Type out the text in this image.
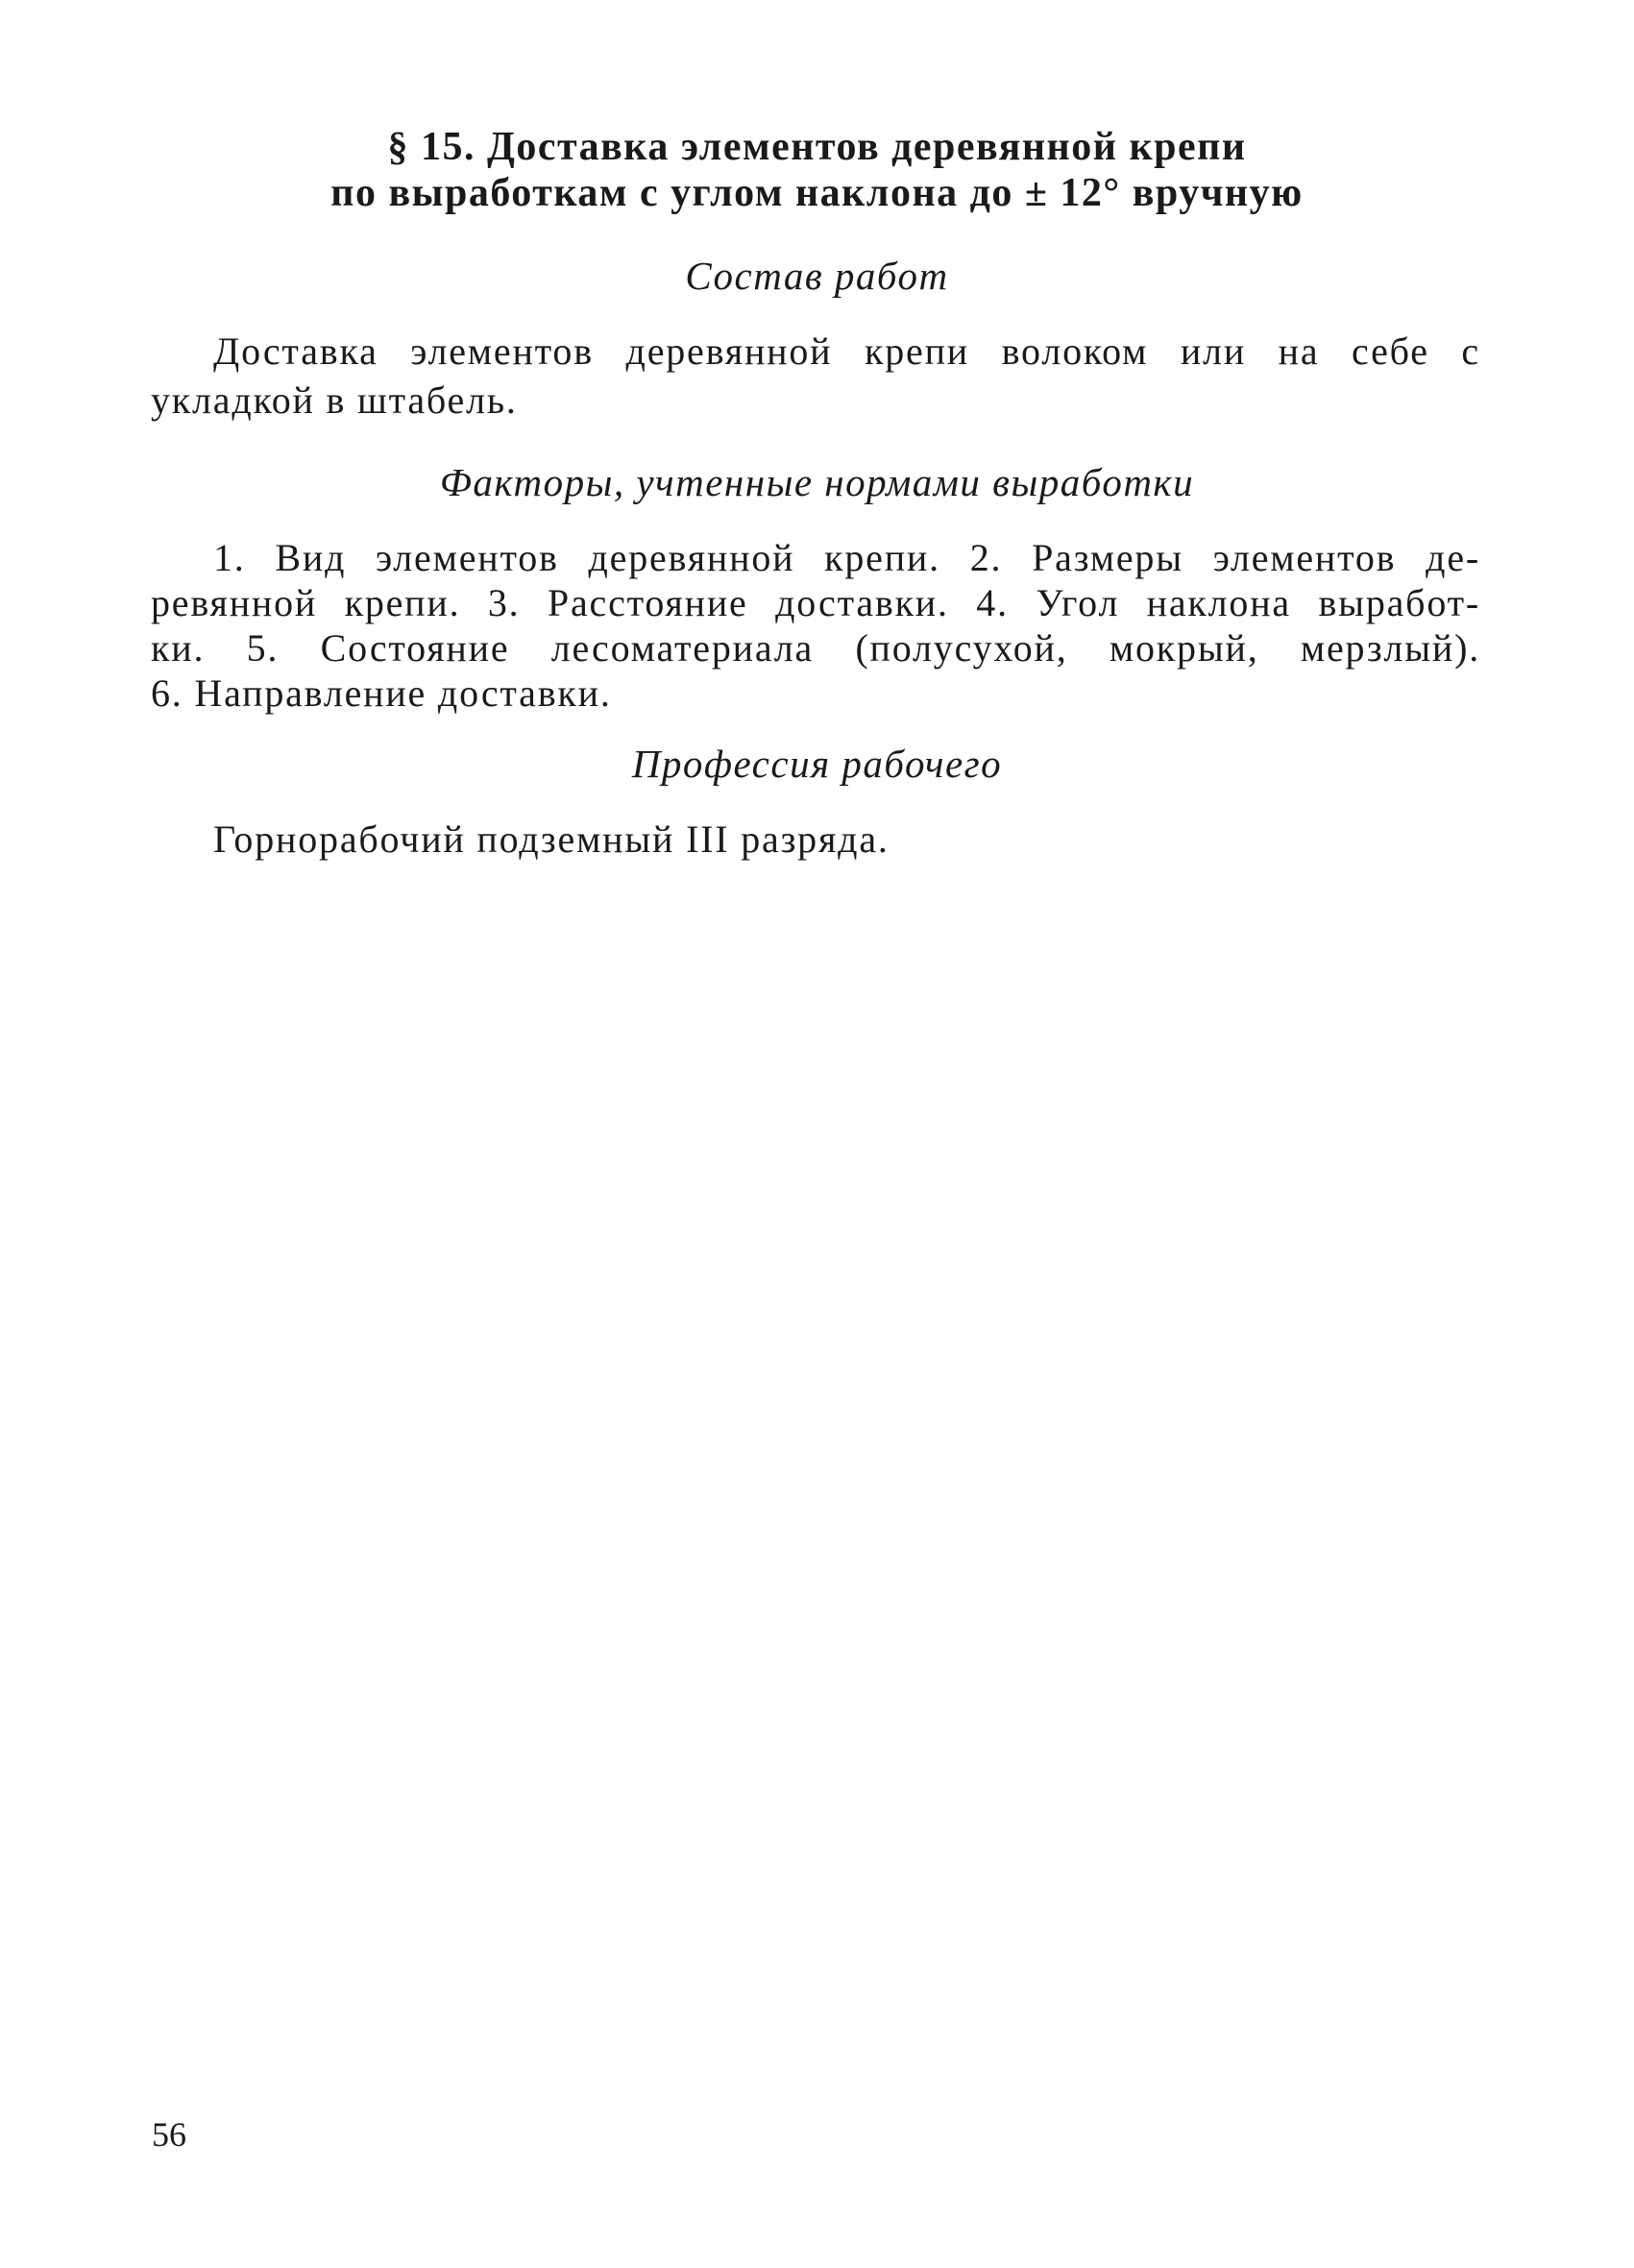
§ 15. Доставка элементов деревянной крепи
по выработкам с углом наклона до ± 12° вручную
Состав работ
Доставка элементов деревянной крепи волоком или на себе с
укладкой в штабель.
Факторы, учтенные нормами выработки
1. Вид элементов деревянной крепи. 2. Размеры элементов де-
ревянной крепи. 3. Расстояние доставки. 4. Угол наклона выработ-
ки. 5. Состояние лесоматериала (полусухой, мокрый, мерзлый).
6. Направление доставки.
Профессия рабочего
Горнорабочий подземный III разряда.
56
